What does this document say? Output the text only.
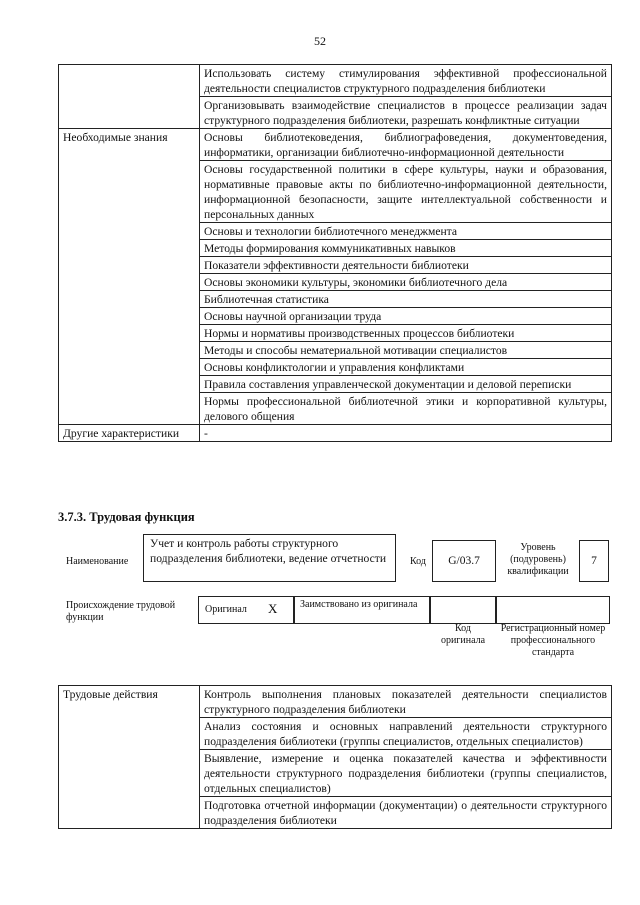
52
	Использовать систему стимулирования эффективной профессиональной деятельности специалистов структурного подразделения библиотеки
	Организовывать взаимодействие специалистов в процессе реализации задач структурного подразделения библиотеки, разрешать конфликтные ситуации
Необходимые знания	Основы библиотековедения, библиографоведения, документоведения, информатики, организации библиотечно-информационной деятельности
	Основы государственной политики в сфере культуры, науки и образования, нормативные правовые акты по библиотечно-информационной деятельности, информационной безопасности, защите интеллектуальной собственности и персональных данных
	Основы и технологии библиотечного менеджмента
	Методы формирования коммуникативных навыков
	Показатели эффективности деятельности библиотеки
	Основы экономики культуры, экономики библиотечного дела
	Библиотечная статистика
	Основы научной организации труда
	Нормы и нормативы производственных процессов библиотеки
	Методы и способы нематериальной мотивации специалистов
	Основы конфликтологии и управления конфликтами
	Правила составления управленческой документации и деловой переписки
	Нормы профессиональной библиотечной этики и корпоративной культуры, делового общения
Другие характеристики	-
3.7.3. Трудовая функция
Наименование
Учет и контроль работы структурного подразделения библиотеки, ведение отчетности	Код G/03.7
Уровень (подуровень) квалификации
7
Происхождение трудовой функции
Оригинал X Заимствовано из оригинала
Код оригинала
Регистрационный номер профессионального стандарта
Трудовые действия	Контроль выполнения плановых показателей деятельности специалистов структурного подразделения библиотеки
Анализ состояния и основных направлений деятельности структурного подразделения библиотеки (группы специалистов, отдельных специалистов)
Выявление, измерение и оценка показателей качества и эффективности деятельности структурного подразделения библиотеки (группы специалистов, отдельных специалистов)
Подготовка отчетной информации (документации) о деятельности структурного подразделения библиотеки
